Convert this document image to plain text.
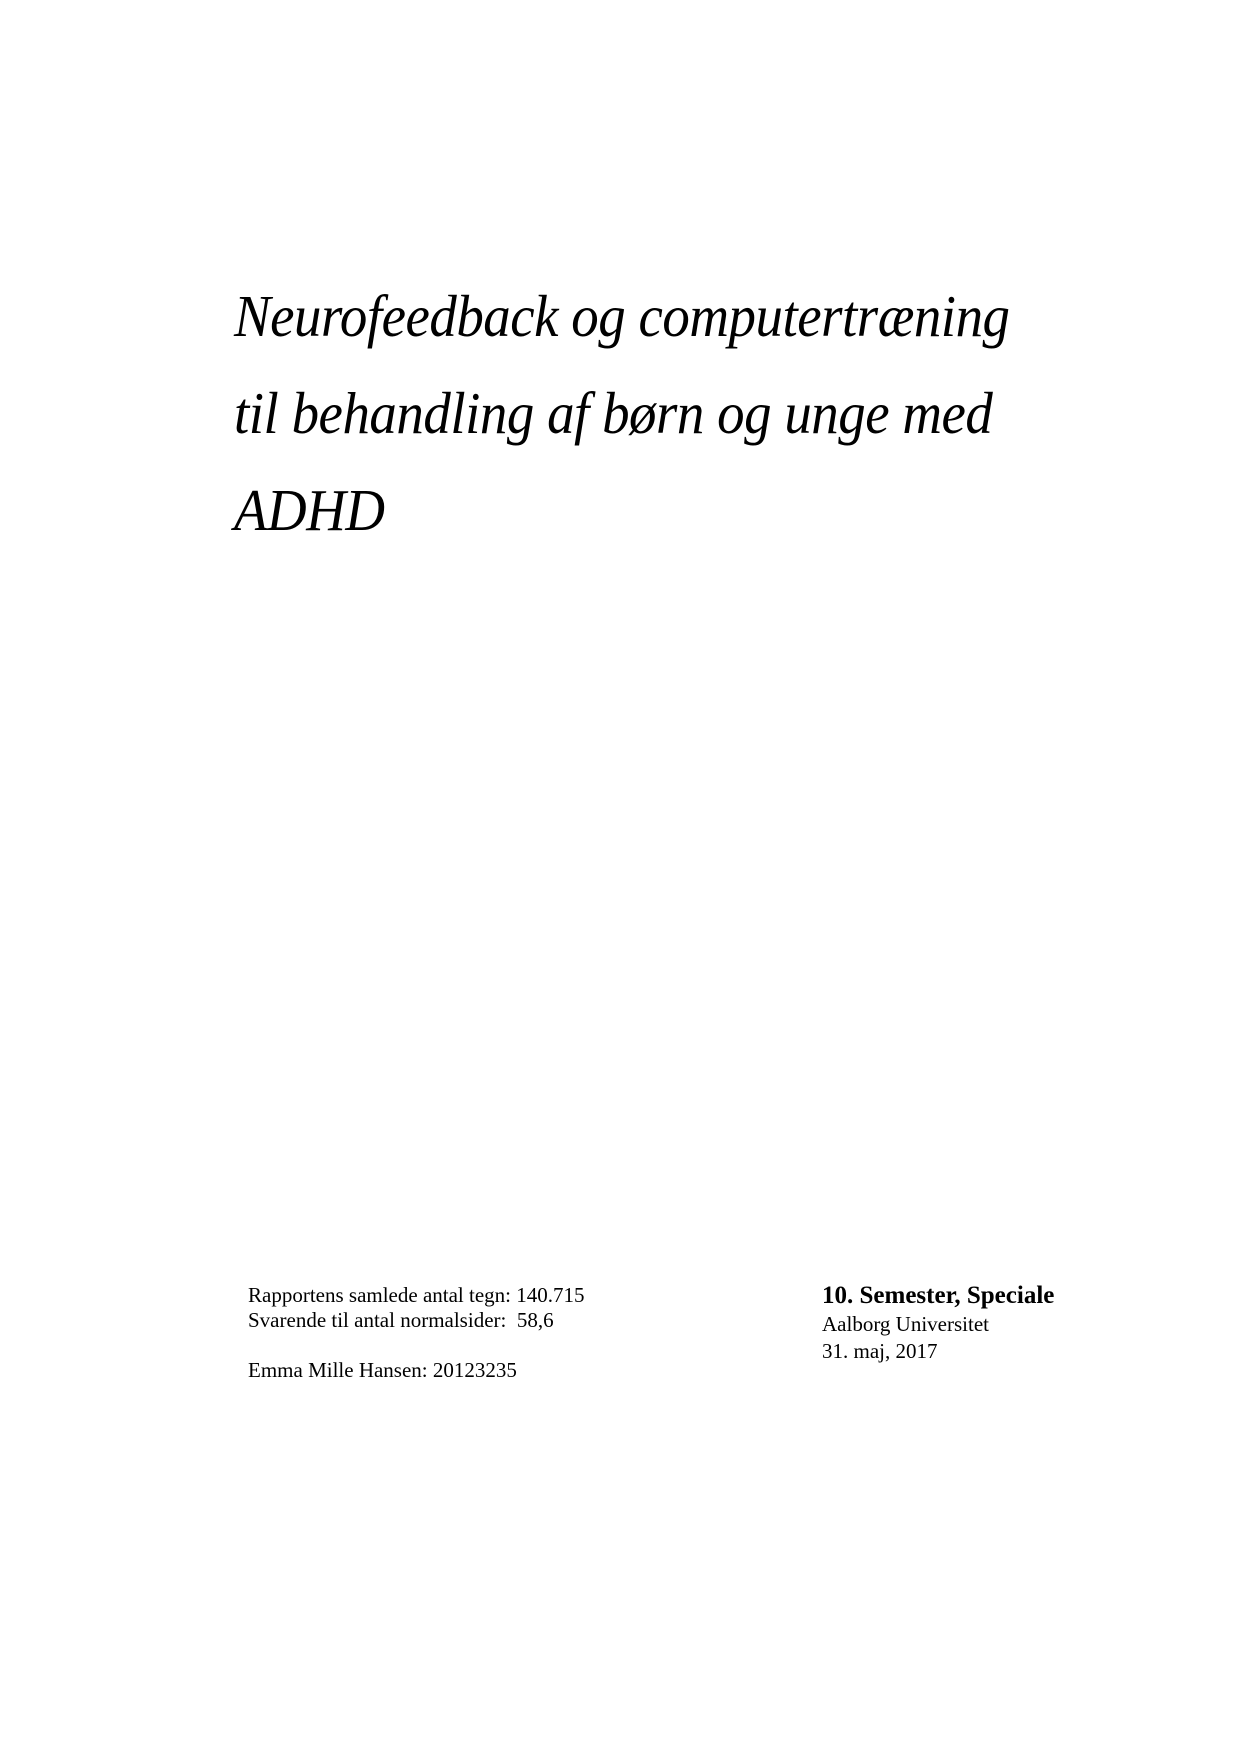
Neurofeedback og computertræning
til behandling af børn og unge med
ADHD
Rapportens samlede antal tegn: 140.715
Svarende til antal normalsider:  58,6
Emma Mille Hansen: 20123235
10. Semester, Speciale
Aalborg Universitet
31. maj, 2017
